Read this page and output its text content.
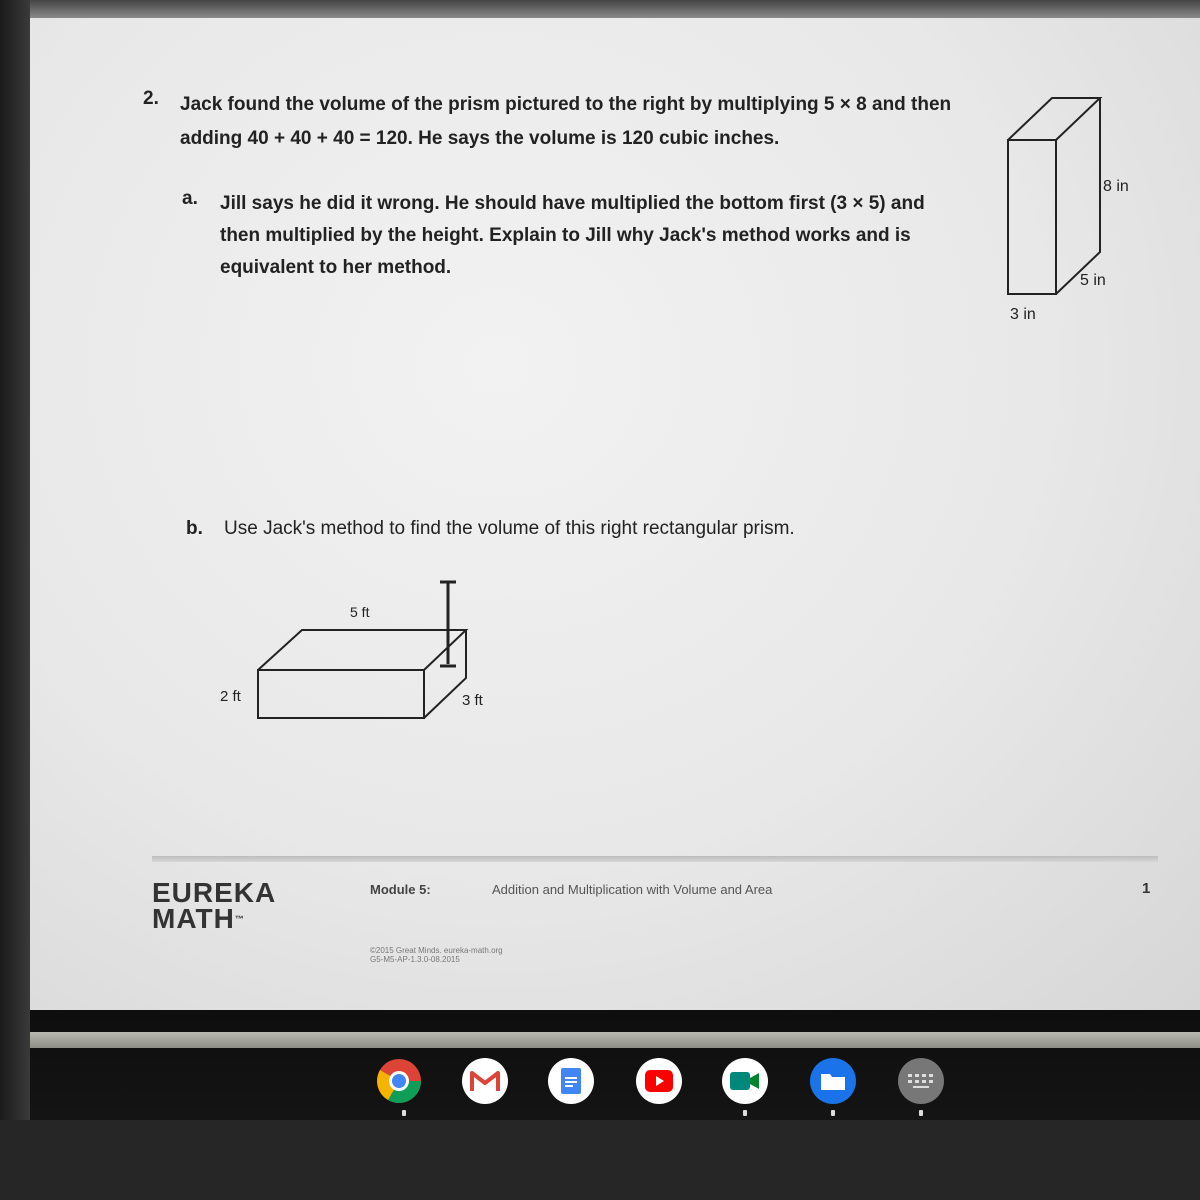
2. Jack found the volume of the prism pictured to the right by multiplying 5 × 8 and then adding 40 + 40 + 40 = 120. He says the volume is 120 cubic inches.
a. Jill says he did it wrong. He should have multiplied the bottom first (3 × 5) and then multiplied by the height. Explain to Jill why Jack's method works and is equivalent to her method.
8 in
5 in
3 in
b. Use Jack's method to find the volume of this right rectangular prism.
5 ft
2 ft	3 ft
EUREKA
MATH™
Module 5:	Addition and Multiplication with Volume and Area	1
©2015 Great Minds. eureka-math.org
G5-M5-AP-1.3.0-08.2015
